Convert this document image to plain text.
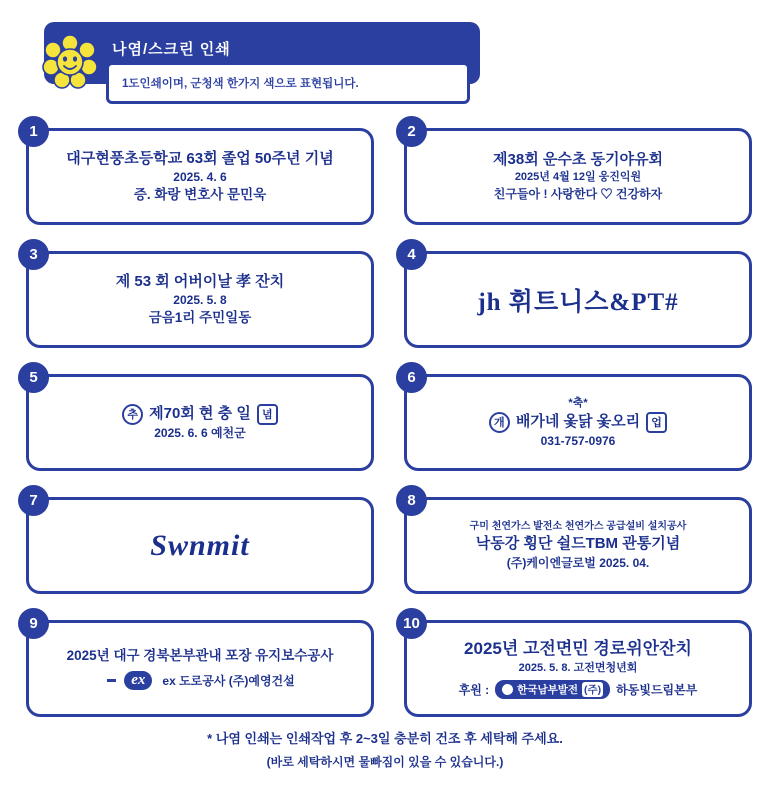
나염/스크린 인쇄
1도인쇄이며, 군청색 한가지 색으로 표현됩니다.
1
대구현풍초등학교 63회 졸업 50주년 기념
2025. 4. 6
증. 화랑 변호사 문민욱
2
제38회 운수초 동기야유회
2025년 4월 12일 웅진익원
친구들아 ! 사랑한다 ♡ 건강하자
3
제 53 회 어버이날 孝 잔치
2025. 5. 8
금음1리 주민일동
4
jh 휘트니스&PT#
5
추 제70회 현 충 일	념
2025. 6. 6 예천군
6
*축*
개 배가네 옻닭 옻오리	업
031-757-0976
7
Swnmit
8
구미 천연가스 발전소 천연가스 공급설비 설치공사
낙동강 횡단 쉴드TBM 관통기념
(주)케이엔글로벌 2025. 04.
9
2025년 대구 경북본부관내 포장 유지보수공사
ex	ex 도로공사 (주)예영건설
10
2025년 고전면민 경로위안잔치
2025. 5. 8. 고전면청년회
후원 :	한국남부발전 (주) 하동빛드림본부
* 나염 인쇄는 인쇄작업 후 2~3일 충분히 건조 후 세탁해 주세요.
(바로 세탁하시면 물빠짐이 있을 수 있습니다.)
